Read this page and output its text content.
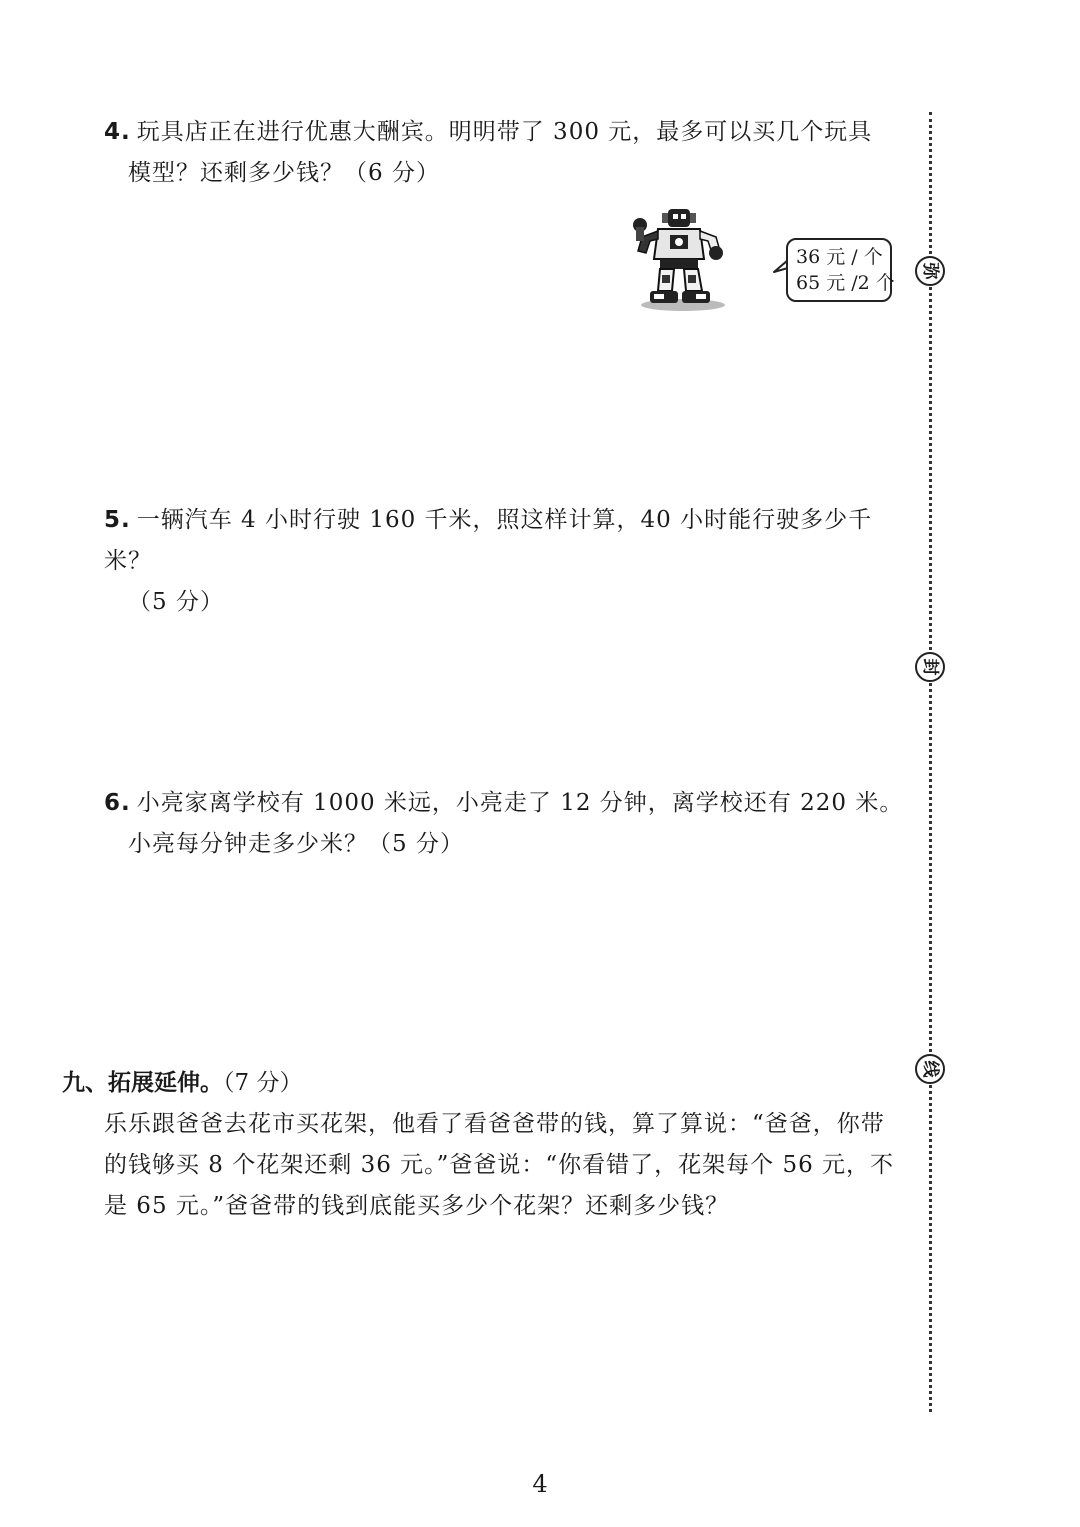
4. 玩具店正在进行优惠大酬宾。明明带了 300 元，最多可以买几个玩具
模型？还剩多少钱？（6 分）
36 元 / 个
65 元 /2 个
5. 一辆汽车 4 小时行驶 160 千米，照这样计算，40 小时能行驶多少千米？
（5 分）
6. 小亮家离学校有 1000 米远，小亮走了 12 分钟，离学校还有 220 米。
小亮每分钟走多少米？（5 分）
九、拓展延伸。（7 分）
乐乐跟爸爸去花市买花架，他看了看爸爸带的钱，算了算说：“爸爸，你带
的钱够买 8 个花架还剩 36 元。”爸爸说：“你看错了，花架每个 56 元，不
是 65 元。”爸爸带的钱到底能买多少个花架？还剩多少钱？
弥
封
线
4
